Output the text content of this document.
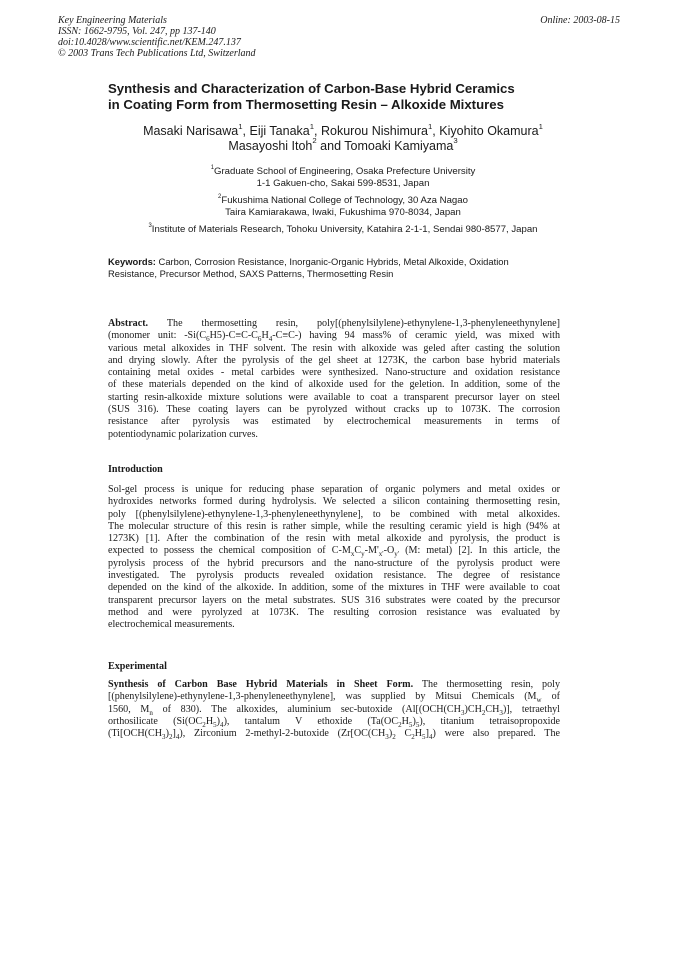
Key Engineering Materials
ISSN: 1662-9795, Vol. 247, pp 137-140
doi:10.4028/www.scientific.net/KEM.247.137
© 2003 Trans Tech Publications Ltd, Switzerland
Online: 2003-08-15
Synthesis and Characterization of Carbon-Base Hybrid Ceramics
in Coating Form from Thermosetting Resin – Alkoxide Mixtures
Masaki Narisawa$^1$, Eiji Tanaka$^1$, Rokurou Nishimura$^1$, Kiyohito Okamura$^1$
Masayoshi Itoh$^2$ and Tomoaki Kamiyama$^3$
$^1$Graduate School of Engineering, Osaka Prefecture University
1-1 Gakuen-cho, Sakai 599-8531, Japan
$^2$Fukushima National College of Technology, 30 Aza Nagao
Taira Kamiarakawa, Iwaki, Fukushima 970-8034, Japan
$^3$Institute of Materials Research, Tohoku University, Katahira 2-1-1, Sendai 980-8577, Japan
Keywords: Carbon, Corrosion Resistance, Inorganic-Organic Hybrids, Metal Alkoxide, Oxidation
Resistance, Precursor Method, SAXS Patterns, Thermosetting Resin
Abstract. The thermosetting resin, poly[(phenylsilylene)-ethynylene-1,3-phenyleneethynylene]
(monomer unit: $-Si(C_6H5)-C\equiv C-C_6H_4-C\equiv C-$) having 94 mass% of ceramic yield, was mixed with
various metal alkoxides in THF solvent. The resin with alkoxide was geled after casting the solution
and drying slowly. After the pyrolysis of the gel sheet at 1273K, the carbon base hybrid materials
containing metal oxides - metal carbides were synthesized. Nano-structure and oxidation resistance
of these materials depended on the kind of alkoxide used for the geletion. In addition, some of the
starting resin-alkoxide mixture solutions were available to coat a transparent precursor layer on steel
(SUS 316). These coating layers can be pyrolyzed without cracks up to 1073K. The corrosion
resistance after pyrolysis was estimated by electrochemical measurements in terms of
potentiodynamic polarization curves.
Introduction
Sol-gel process is unique for reducing phase separation of organic polymers and metal oxides or
hydroxides networks formed during hydrolysis. We selected a silicon containing thermosetting resin,
poly [(phenylsilylene)-ethynylene-1,3-phenyleneethynylene], to be combined with metal alkoxides.
The molecular structure of this resin is rather simple, while the resulting ceramic yield is high (94% at
1273K) [1]. After the combination of the resin with metal alkoxide and pyrolysis, the product is
expected to possess the chemical composition of $C-M_xC_y-M'_{x'}-O_{y'}$ (M: metal) [2]. In this article, the
pyrolysis process of the hybrid precursors and the nano-structure of the pyrolysis product were
investigated. The pyrolysis products revealed oxidation resistance. The degree of resistance
depended on the kind of the alkoxide. In addition, some of the mixtures in THF were available to coat
transparent precursor layers on the metal substrates. SUS 316 substrates were coated by the precursor
method and were pyrolyzed at 1073K. The resulting corrosion resistance was evaluated by
electrochemical measurements.
Experimental
Synthesis of Carbon Base Hybrid Materials in Sheet Form. The thermosetting resin, poly
[(phenylsilylene)-ethynylene-1,3-phenyleneethynylene], was supplied by Mitsui Chemicals ($M_w$ of
1560, $M_n$ of 830). The alkoxides, aluminium sec-butoxide ($Al[(OCH(CH_3)CH_2CH_3)]$, tetraethyl
orthosilicate $(Si(OC_2H_5)_4)$, tantalum V ethoxide $(Ta(OC_2H_5)_5)$, titanium tetraisopropoxide
$(Ti[OCH(CH_3)_2]_4)$, Zirconium 2-methyl-2-butoxide ($Zr[OC(CH_3)_2$ $C_2H_5]_4$) were also prepared. The
